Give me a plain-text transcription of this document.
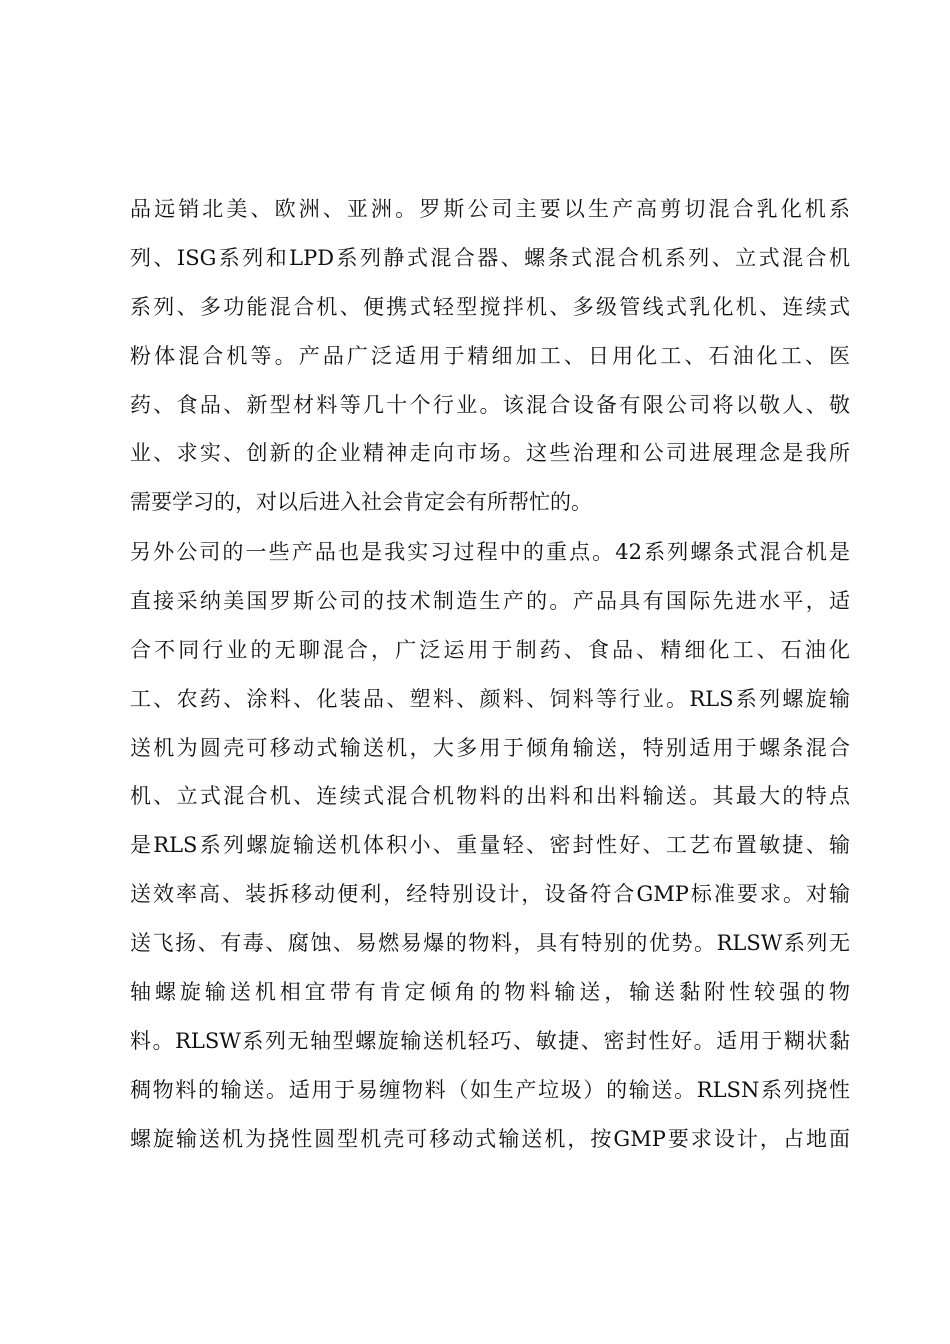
品远销北美、欧洲、亚洲。罗斯公司主要以生产高剪切混合乳化机系
列、ISG系列和LPD系列静式混合器、螺条式混合机系列、立式混合机
系列、多功能混合机、便携式轻型搅拌机、多级管线式乳化机、连续式
粉体混合机等。产品广泛适用于精细加工、日用化工、石油化工、医
药、食品、新型材料等几十个行业。该混合设备有限公司将以敬人、敬
业、求实、创新的企业精神走向市场。这些治理和公司进展理念是我所
需要学习的，对以后进入社会肯定会有所帮忙的。
另外公司的一些产品也是我实习过程中的重点。42系列螺条式混合机是
直接采纳美国罗斯公司的技术制造生产的。产品具有国际先进水平，适
合不同行业的无聊混合，广泛运用于制药、食品、精细化工、石油化
工、农药、涂料、化装品、塑料、颜料、饲料等行业。RLS系列螺旋输
送机为圆壳可移动式输送机，大多用于倾角输送，特别适用于螺条混合
机、立式混合机、连续式混合机物料的出料和出料输送。其最大的特点
是RLS系列螺旋输送机体积小、重量轻、密封性好、工艺布置敏捷、输
送效率高、装拆移动便利，经特别设计，设备符合GMP标准要求。对输
送飞扬、有毒、腐蚀、易燃易爆的物料，具有特别的优势。RLSW系列无
轴螺旋输送机相宜带有肯定倾角的物料输送，输送黏附性较强的物
料。RLSW系列无轴型螺旋输送机轻巧、敏捷、密封性好。适用于糊状黏
稠物料的输送。适用于易缠物料（如生产垃圾）的输送。RLSN系列挠性
螺旋输送机为挠性圆型机壳可移动式输送机，按GMP要求设计，占地面
